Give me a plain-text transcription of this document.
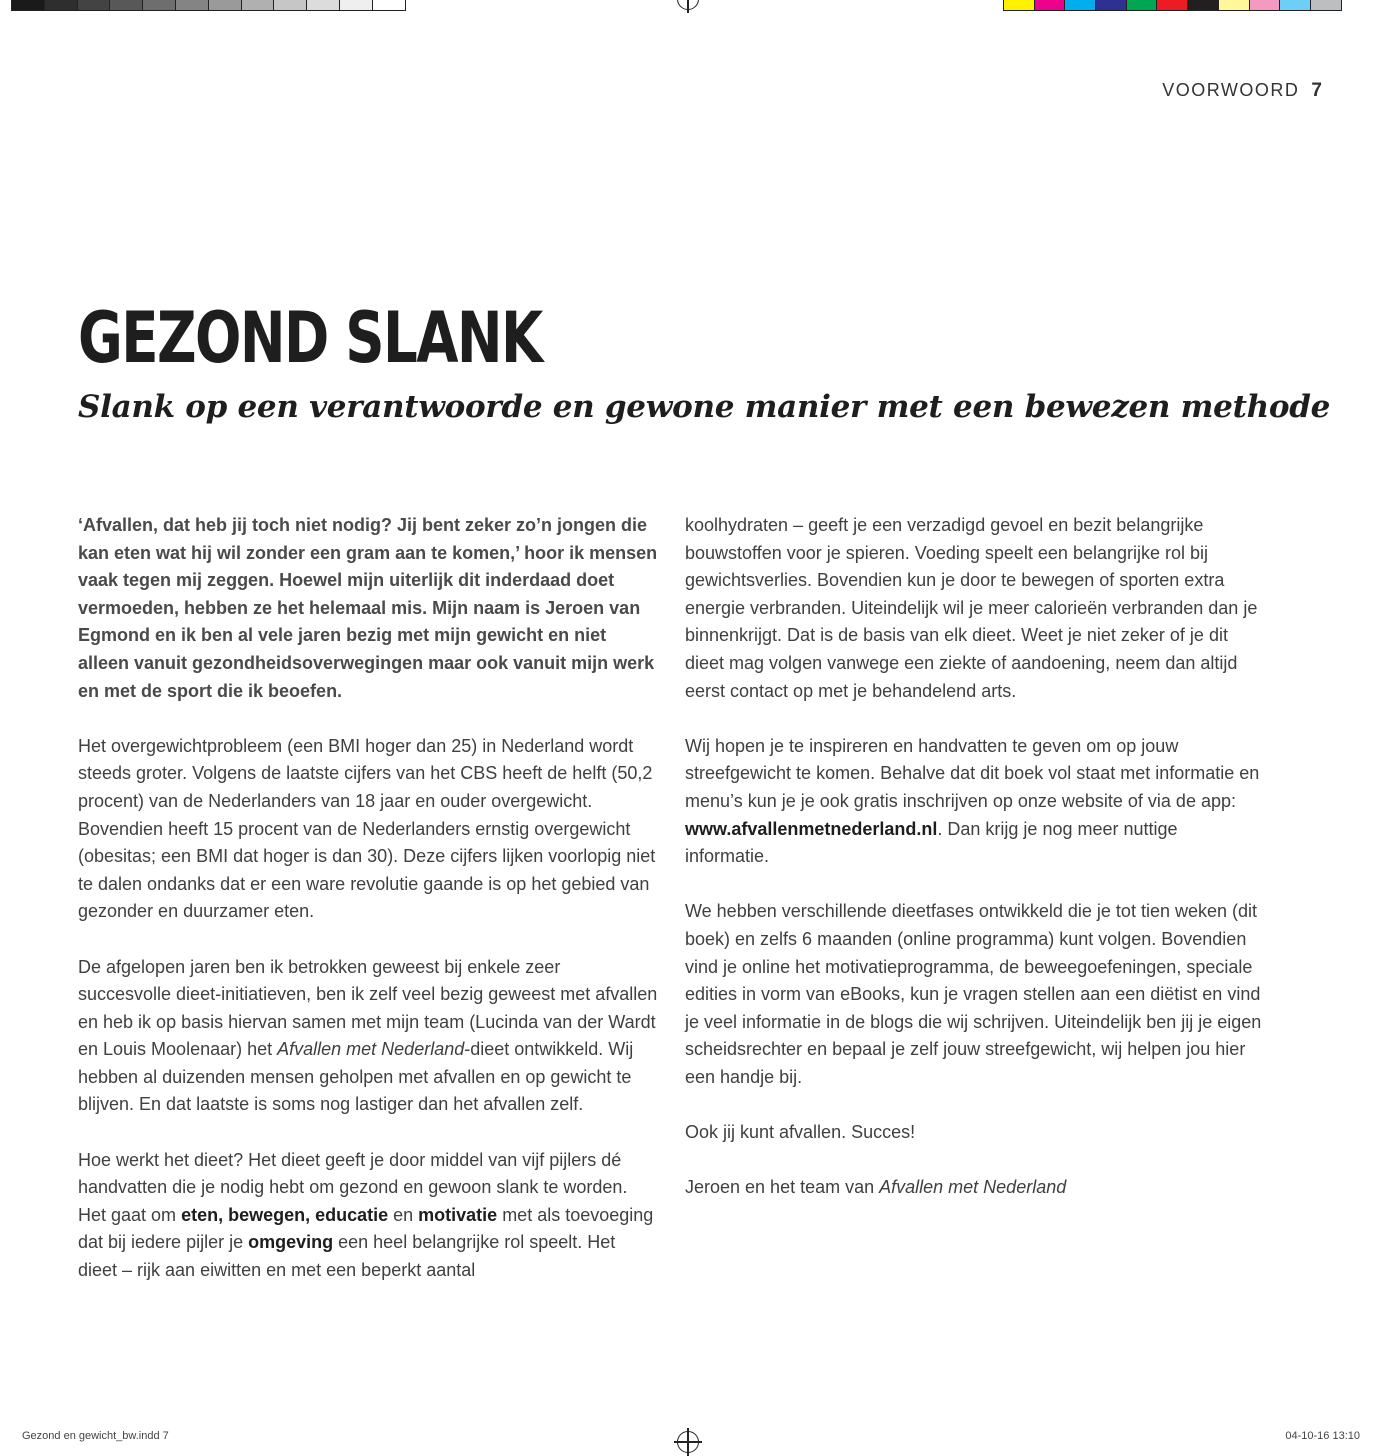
Gezond en gewicht_bw.indd 7	04-10-16 13:10
VOORWOORD 7
GEZOND SLANK
Slank op een verantwoorde en gewone manier met een bewezen methode

‘Afvallen, dat heb jij toch niet nodig? Jij bent zeker zo’n jongen die kan eten wat hij wil zonder een gram aan te komen,’ hoor ik mensen vaak tegen mij zeggen. Hoewel mijn uiterlijk dit inderdaad doet vermoeden, hebben ze het helemaal mis. Mijn naam is Jeroen van Egmond en ik ben al vele jaren bezig met mijn gewicht en niet alleen vanuit gezondheidsoverwegingen maar ook vanuit mijn werk en met de sport die ik beoefen.

Het overgewichtprobleem (een BMI hoger dan 25) in Nederland wordt steeds groter. Volgens de laatste cijfers van het CBS heeft de helft (50,2 procent) van de Nederlanders van 18 jaar en ouder overgewicht. Bovendien heeft 15 procent van de Nederlanders ernstig overgewicht (obesitas; een BMI dat hoger is dan 30). Deze cijfers lijken voorlopig niet te dalen ondanks dat er een ware revolutie gaande is op het gebied van gezonder en duurzamer eten.

De afgelopen jaren ben ik betrokken geweest bij enkele zeer succesvolle dieet-initiatieven, ben ik zelf veel bezig geweest met afvallen en heb ik op basis hiervan samen met mijn team (Lucinda van der Wardt en Louis Moolenaar) het Afvallen met Nederland-dieet ontwikkeld. Wij hebben al duizenden mensen geholpen met afvallen en op gewicht te blijven. En dat laatste is soms nog lastiger dan het afvallen zelf.

Hoe werkt het dieet? Het dieet geeft je door middel van vijf pijlers dé handvatten die je nodig hebt om gezond en gewoon slank te worden. Het gaat om eten, bewegen, educatie en motivatie met als toevoeging dat bij iedere pijler je omgeving een heel belangrijke rol speelt. Het dieet – rijk aan eiwitten en met een beperkt aantal

koolhydraten – geeft je een verzadigd gevoel en bezit belangrijke bouwstoffen voor je spieren. Voeding speelt een belangrijke rol bij gewichtsverlies. Bovendien kun je door te bewegen of sporten extra energie verbranden. Uiteindelijk wil je meer calorieën verbranden dan je binnenkrijgt. Dat is de basis van elk dieet. Weet je niet zeker of je dit dieet mag volgen vanwege een ziekte of aandoening, neem dan altijd eerst contact op met je behandelend arts.

Wij hopen je te inspireren en handvatten te geven om op jouw streefgewicht te komen. Behalve dat dit boek vol staat met informatie en menu’s kun je je ook gratis inschrijven op onze website of via de app: www.afvallenmetnederland.nl. Dan krijg je nog meer nuttige informatie.

We hebben verschillende dieetfases ontwikkeld die je tot tien weken (dit boek) en zelfs 6 maanden (online programma) kunt volgen. Bovendien vind je online het motivatieprogramma, de beweegoefeningen, speciale edities in vorm van eBooks, kun je vragen stellen aan een diëtist en vind je veel informatie in de blogs die wij schrijven. Uiteindelijk ben jij je eigen scheidsrechter en bepaal je zelf jouw streefgewicht, wij helpen jou hier een handje bij.

Ook jij kunt afvallen. Succes!

Jeroen en het team van Afvallen met Nederland
